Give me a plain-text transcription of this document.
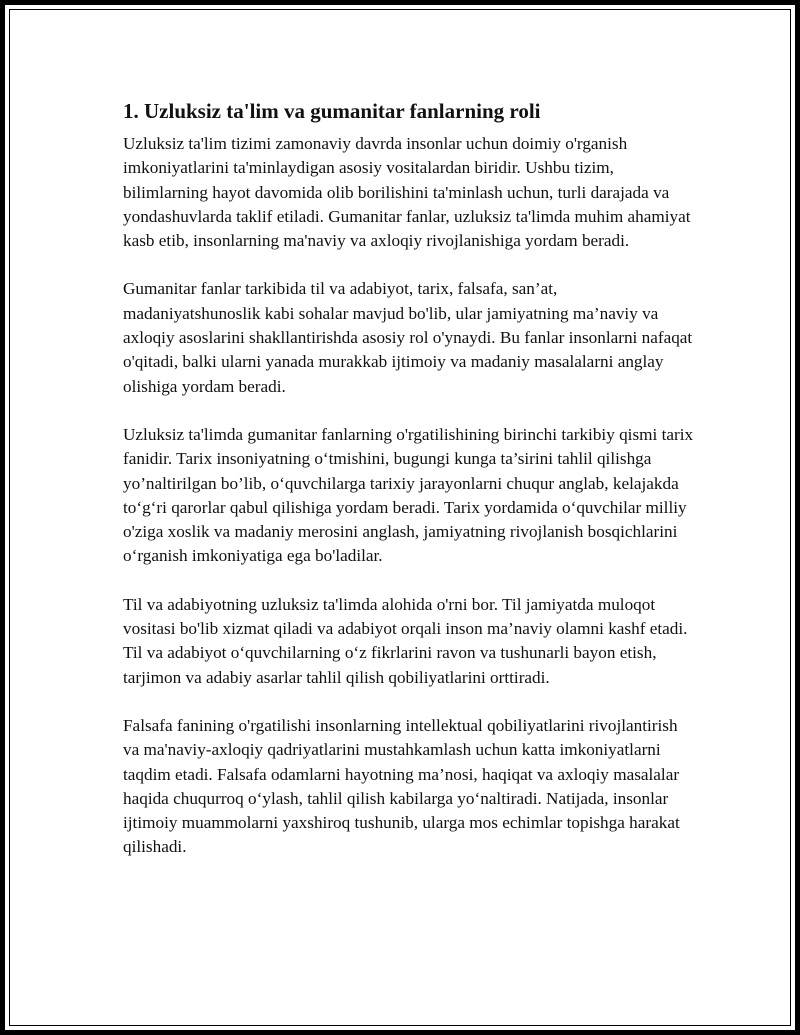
1. Uzluksiz ta'lim va gumanitar fanlarning roli

Uzluksiz ta'lim tizimi zamonaviy davrda insonlar uchun doimiy o'rganish imkoniyatlarini ta'minlaydigan asosiy vositalardan biridir. Ushbu tizim, bilimlarning hayot davomida olib borilishini ta'minlash uchun, turli darajada va yondashuvlarda taklif etiladi. Gumanitar fanlar, uzluksiz ta'limda muhim ahamiyat kasb etib, insonlarning ma'naviy va axloqiy rivojlanishiga yordam beradi.

Gumanitar fanlar tarkibida til va adabiyot, tarix, falsafa, san’at, madaniyatshunoslik kabi sohalar mavjud bo'lib, ular jamiyatning ma’naviy va axloqiy asoslarini shakllantirishda asosiy rol o'ynaydi. Bu fanlar insonlarni nafaqat o'qitadi, balki ularni yanada murakkab ijtimoiy va madaniy masalalarni anglay olishiga yordam beradi.

Uzluksiz ta'limda gumanitar fanlarning o'rgatilishining birinchi tarkibiy qismi tarix fanidir. Tarix insoniyatning o‘tmishini, bugungi kunga ta’sirini tahlil qilishga yo’naltirilgan bo’lib, o‘quvchilarga tarixiy jarayonlarni chuqur anglab, kelajakda to‘g‘ri qarorlar qabul qilishiga yordam beradi. Tarix yordamida o‘quvchilar milliy o'ziga xoslik va madaniy merosini anglash, jamiyatning rivojlanish bosqichlarini o‘rganish imkoniyatiga ega bo'ladilar.

Til va adabiyotning uzluksiz ta'limda alohida o'rni bor. Til jamiyatda muloqot vositasi bo'lib xizmat qiladi va adabiyot orqali inson ma’naviy olamni kashf etadi. Til va adabiyot o‘quvchilarning o‘z fikrlarini ravon va tushunarli bayon etish, tarjimon va adabiy asarlar tahlil qilish qobiliyatlarini orttiradi.

Falsafa fanining o'rgatilishi insonlarning intellektual qobiliyatlarini rivojlantirish va ma'naviy-axloqiy qadriyatlarini mustahkamlash uchun katta imkoniyatlarni taqdim etadi. Falsafa odamlarni hayotning ma’nosi, haqiqat va axloqiy masalalar haqida chuqurroq o‘ylash, tahlil qilish kabilarga yo‘naltiradi. Natijada, insonlar ijtimoiy muammolarni yaxshiroq tushunib, ularga mos echimlar topishga harakat qilishadi.
